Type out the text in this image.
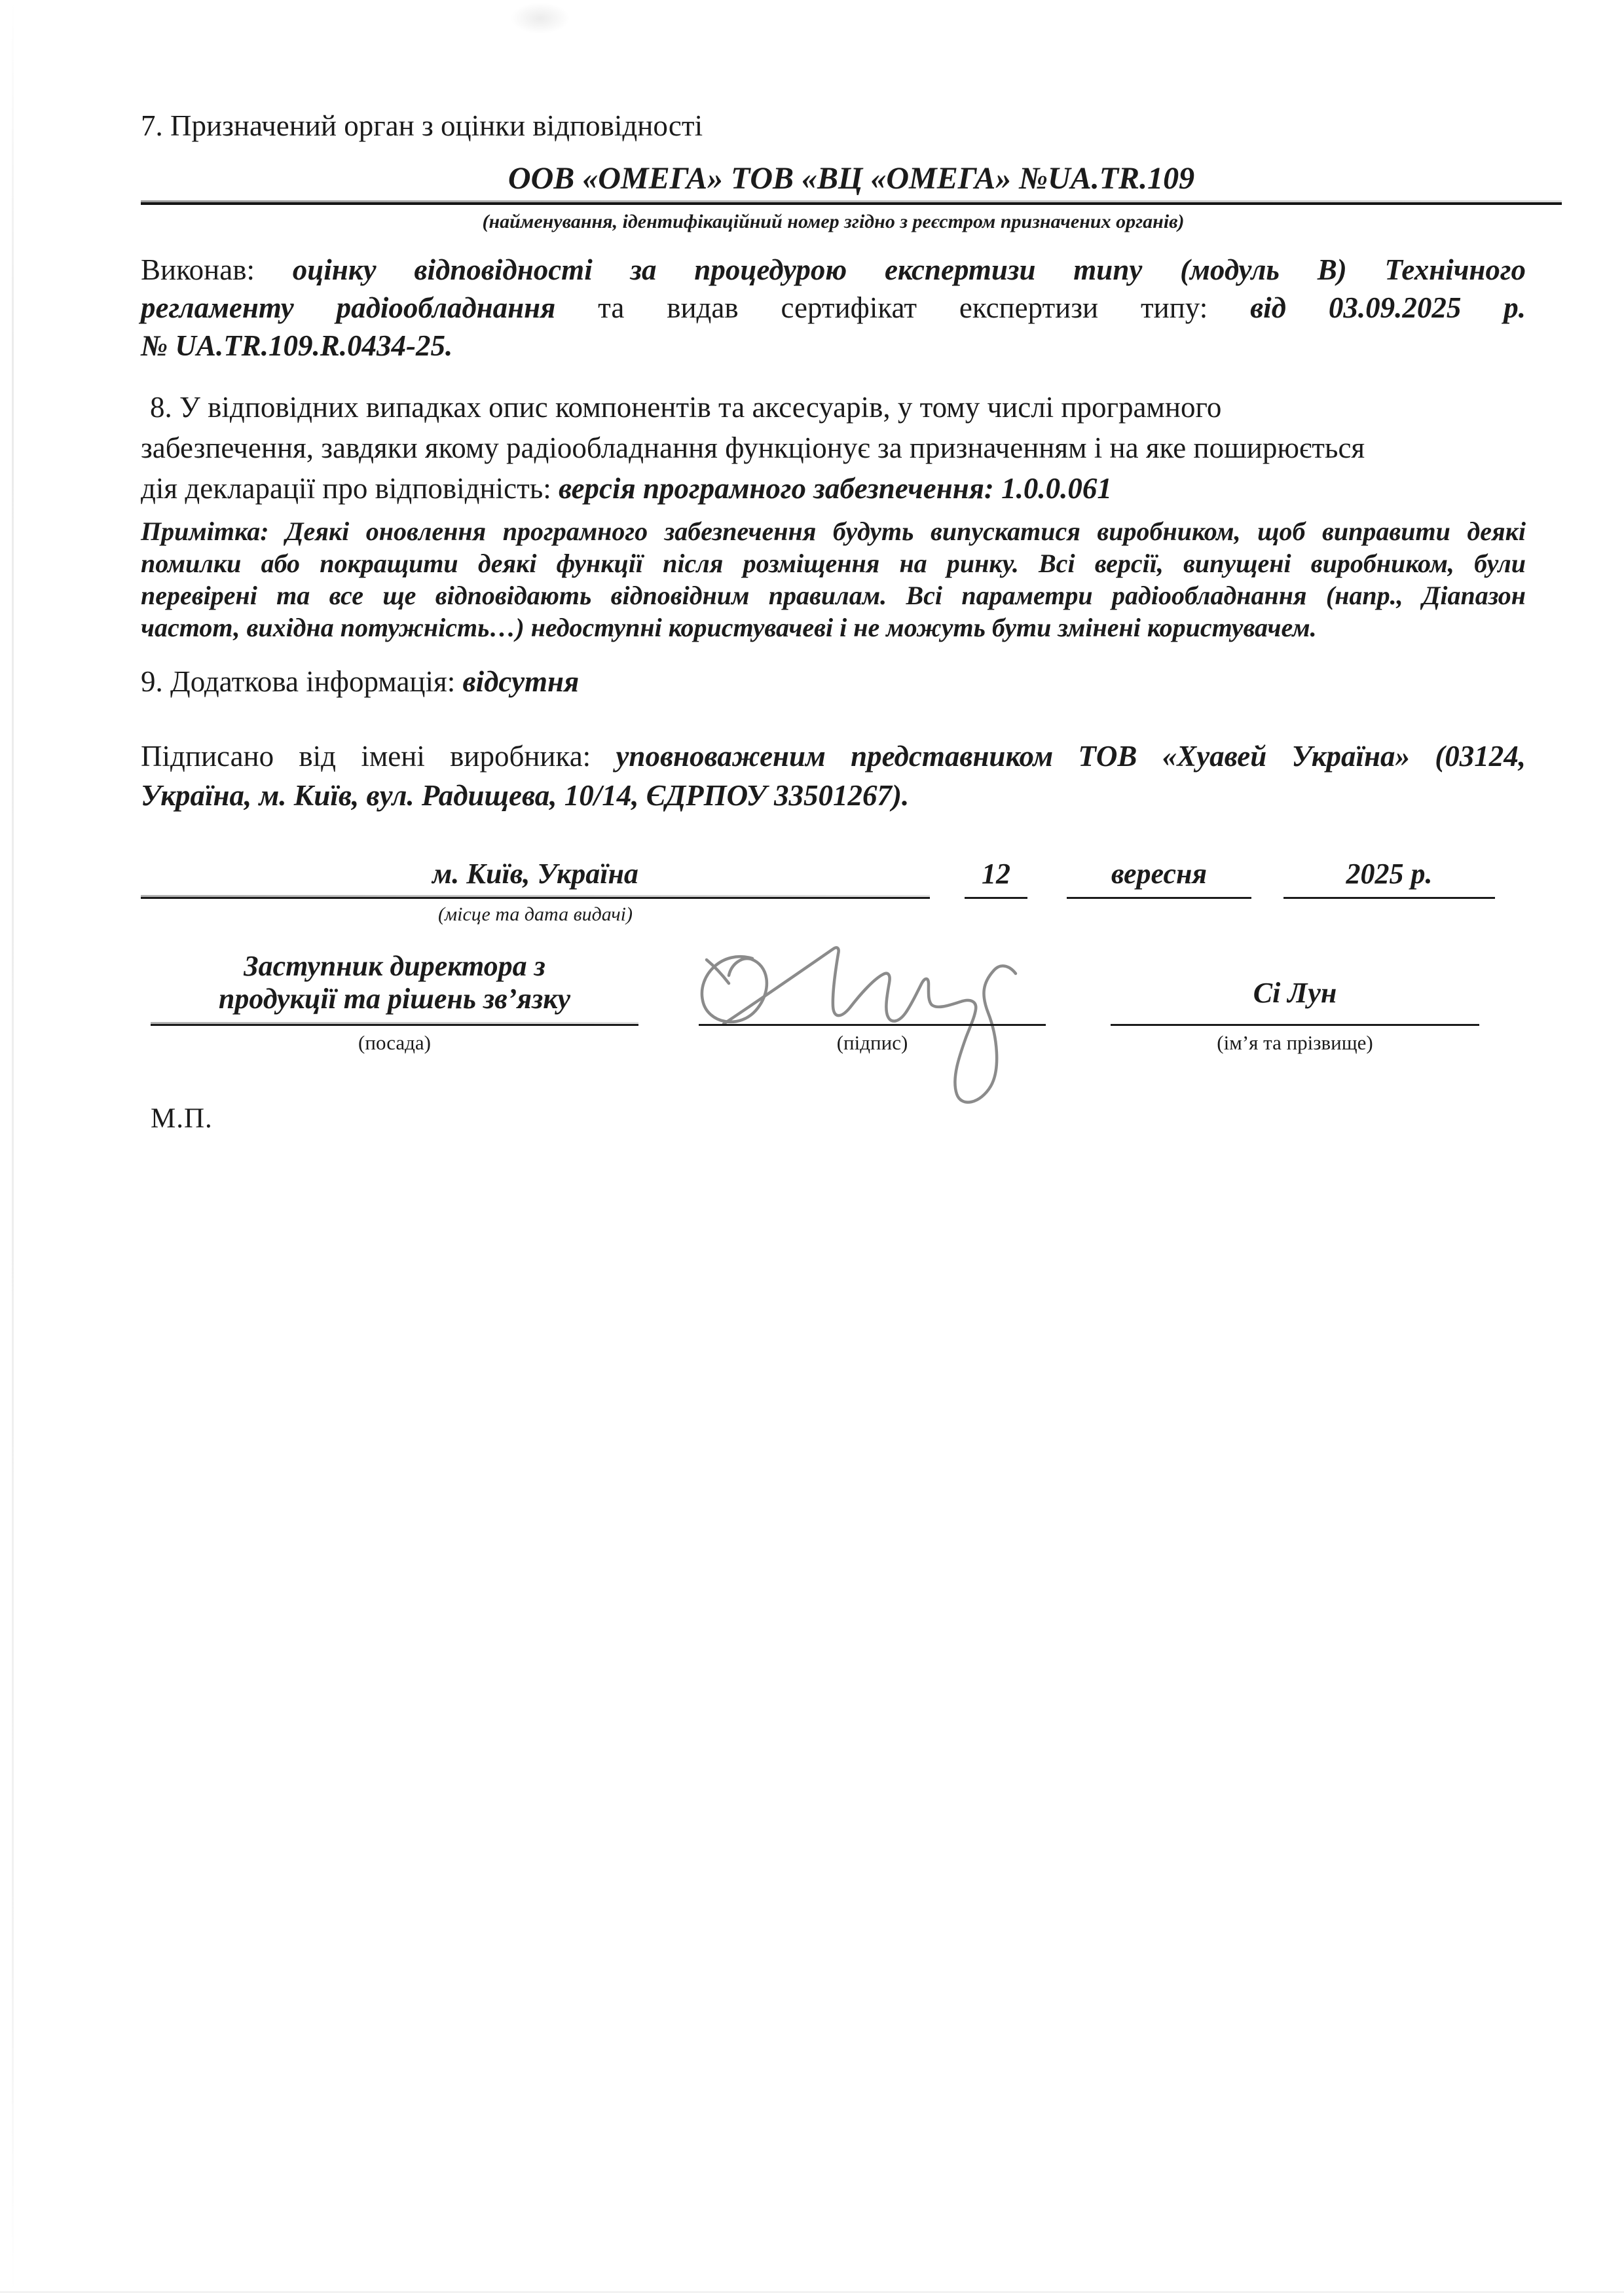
7. Призначений орган з оцінки відповідності
ООВ «ОМЕГА» ТОВ «ВЦ «ОМЕГА» №UA.TR.109
(найменування, ідентифікаційний номер згідно з реєстром призначених органів)
Виконав: оцінку відповідності за процедурою експертизи типу (модуль В) Технічного
регламенту радіообладнання та видав сертифікат експертизи типу: від 03.09.2025 р.
№ UA.TR.109.R.0434-25.
8. У відповідних випадках опис компонентів та аксесуарів, у тому числі програмного
забезпечення, завдяки якому радіообладнання функціонує за призначенням і на яке поширюється
дія декларації про відповідність: версія програмного забезпечення: 1.0.0.061
Примітка: Деякі оновлення програмного забезпечення будуть випускатися виробником, щоб виправити деякі
помилки або покращити деякі функції після розміщення на ринку. Всі версії, випущені виробником, були
перевірені та все ще відповідають відповідним правилам. Всі параметри радіообладнання (напр., Діапазон
частот, вихідна потужність…) недоступні користувачеві і не можуть бути змінені користувачем.
9. Додаткова інформація: відсутня
Підписано від імені виробника: уповноваженим представником ТОВ «Хуавей Україна» (03124,
Україна, м. Київ, вул. Радищева, 10/14, ЄДРПОУ 33501267).
м. Київ, Україна	12	вересня	2025 р.
(місце та дата видачі)
Заступник директора з
продукції та рішень зв’язку
(посада)	(підпис)
Сі Лун
(ім’я та прізвище)
М.П.
